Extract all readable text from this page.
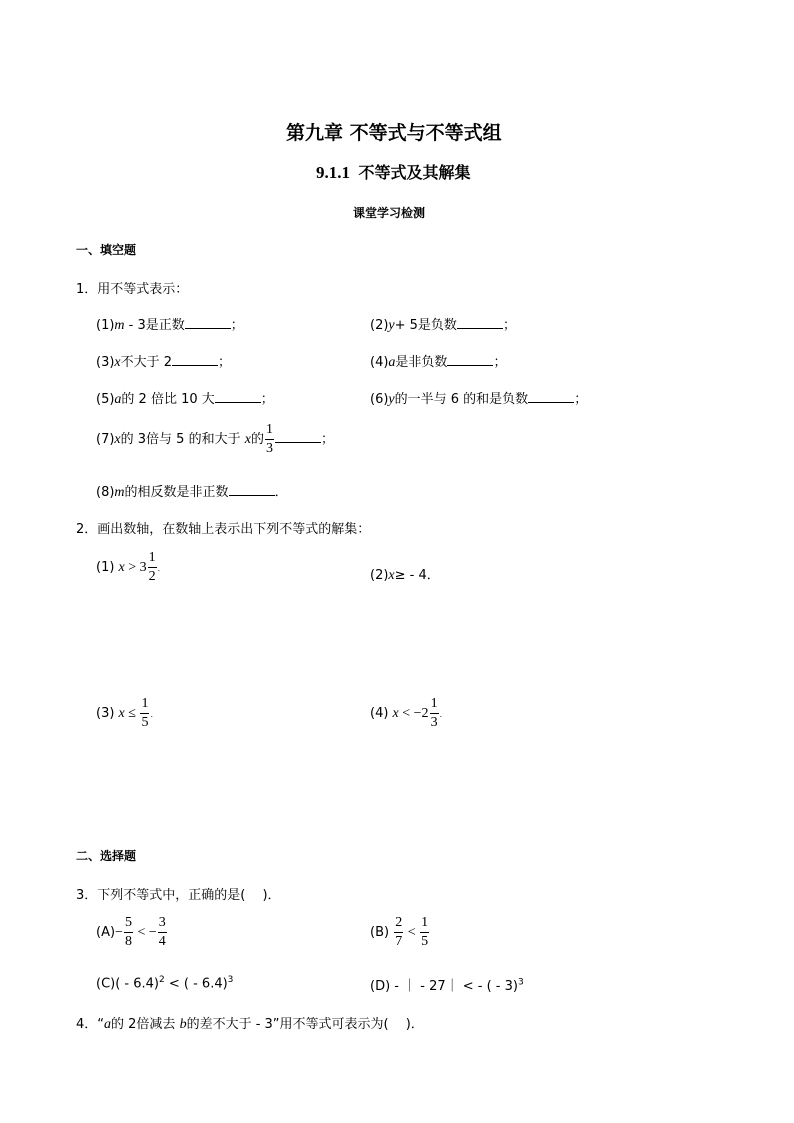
第九章 不等式与不等式组
9.1.1 不等式及其解集
课堂学习检测
一、填空题
1．用不等式表示：
(1)m - 3是正数	；	(2)y+ 5是负数	；
(3)x不大于 2	；	(4)a是非负数	；
(5)a的 2 倍比 10 大	；	(6)y的一半与 6 的和是负数	；
(7)x的 3倍与 5 的和大于 x的 $\frac{1}{3}$	；
(8)m的相反数是非正数	．
2．画出数轴，在数轴上表示出下列不等式的解集：
(1) $x > 3 \frac{1}{2}$ .	(2)x≥ - 4．
(3) $x \le \frac{1}{5}$ .	(4) $x < -2 \frac{1}{3}$ .
二、选择题
3．下列不等式中，正确的是(　 )．
$(A)- \frac{5}{8}$ < − $\frac{3}{4}$	$(B) \frac{2}{7} < \frac{1}{5}$
(C)( - 6.4)$^2$ < ( - 6.4)$^3$	(D) - ｜ - 27｜ < - ( - 3)$^3$
4．“a的 2倍减去 b的差不大于 - 3”用不等式可表示为(　 )．
